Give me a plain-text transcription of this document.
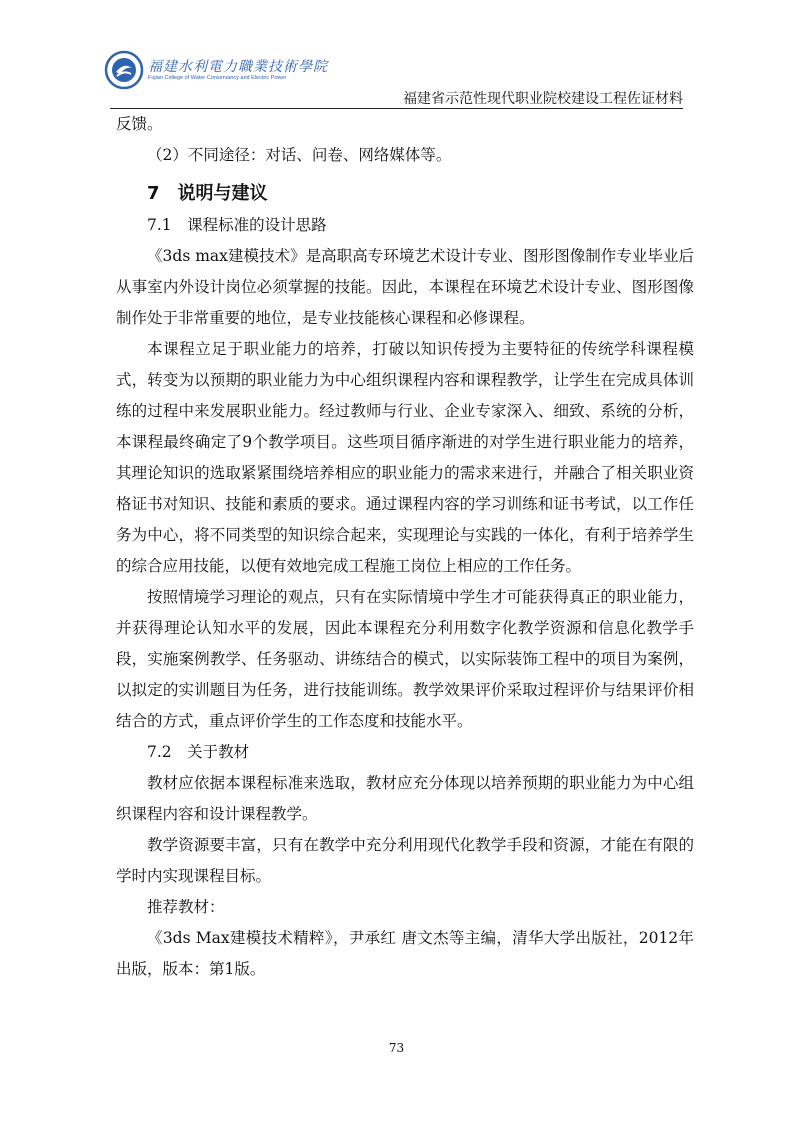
福建水利電力職業技術學院
Fujian College of Water Conservancy and Electric Power
福建省示范性现代职业院校建设工程佐证材料

反馈。

（2）不同途径：对话、问卷、网络媒体等。

7　说明与建议

7.1　课程标准的设计思路

《3ds max建模技术》是高职高专环境艺术设计专业、图形图像制作专业毕业后从事室内外设计岗位必须掌握的技能。因此，本课程在环境艺术设计专业、图形图像制作处于非常重要的地位，是专业技能核心课程和必修课程。

本课程立足于职业能力的培养，打破以知识传授为主要特征的传统学科课程模式，转变为以预期的职业能力为中心组织课程内容和课程教学，让学生在完成具体训练的过程中来发展职业能力。经过教师与行业、企业专家深入、细致、系统的分析，本课程最终确定了9个教学项目。这些项目循序渐进的对学生进行职业能力的培养，其理论知识的选取紧紧围绕培养相应的职业能力的需求来进行，并融合了相关职业资格证书对知识、技能和素质的要求。通过课程内容的学习训练和证书考试，以工作任务为中心，将不同类型的知识综合起来，实现理论与实践的一体化，有利于培养学生的综合应用技能，以便有效地完成工程施工岗位上相应的工作任务。

按照情境学习理论的观点，只有在实际情境中学生才可能获得真正的职业能力，并获得理论认知水平的发展，因此本课程充分利用数字化教学资源和信息化教学手段，实施案例教学、任务驱动、讲练结合的模式，以实际装饰工程中的项目为案例，以拟定的实训题目为任务，进行技能训练。教学效果评价采取过程评价与结果评价相结合的方式，重点评价学生的工作态度和技能水平。

7.2　关于教材

教材应依据本课程标准来选取，教材应充分体现以培养预期的职业能力为中心组织课程内容和设计课程教学。

教学资源要丰富，只有在教学中充分利用现代化教学手段和资源，才能在有限的学时内实现课程目标。

推荐教材：

《3ds Max建模技术精粹》，尹承红 唐文杰等主编，清华大学出版社，2012年出版，版本：第1版。

73
